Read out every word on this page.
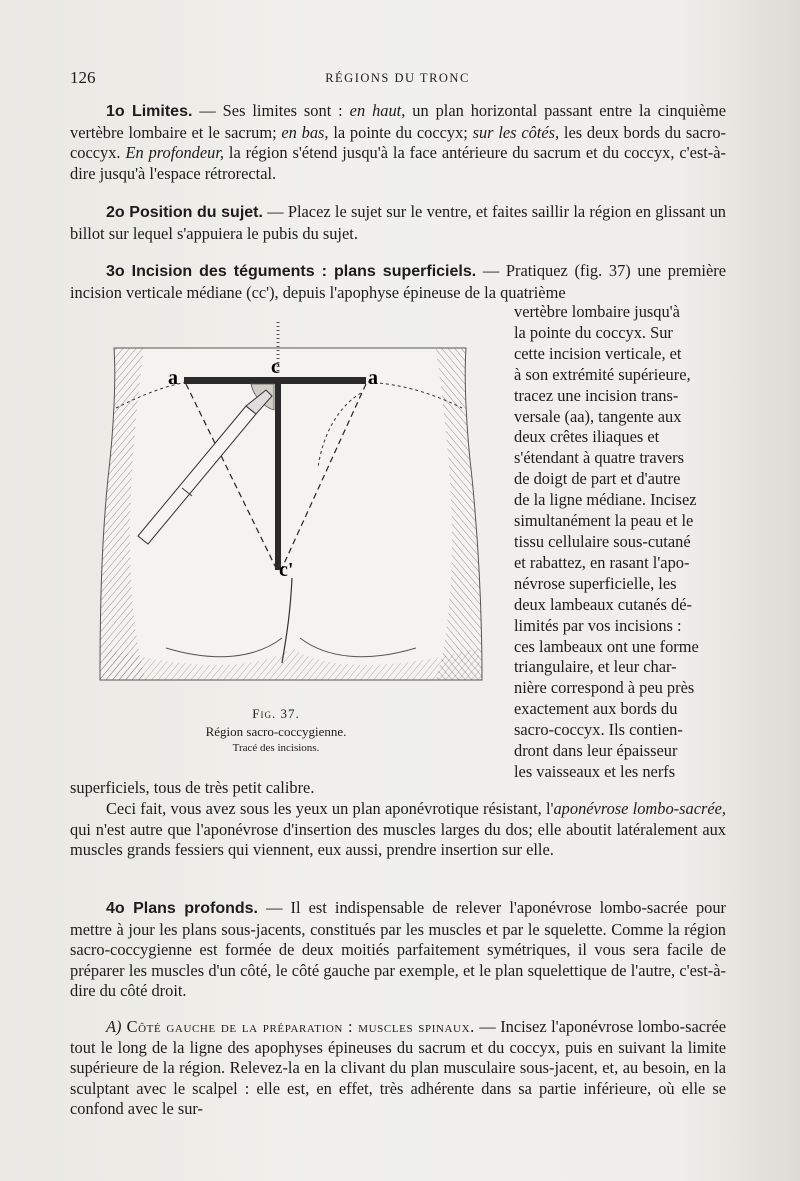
126	RÉGIONS DU TRONC

1o Limites. — Ses limites sont : en haut, un plan horizontal passant entre la cinquième vertèbre lombaire et le sacrum; en bas, la pointe du coccyx; sur les côtés, les deux bords du sacro-coccyx. En profondeur, la région s'étend jusqu'à la face antérieure du sacrum et du coccyx, c'est-à-dire jusqu'à l'espace rétrorectal.

2o Position du sujet. — Placez le sujet sur le ventre, et faites saillir la région en glissant un billot sur lequel s'appuiera le pubis du sujet.

3o Incision des téguments : plans superficiels. — Pratiquez (fig. 37) une première incision verticale médiane (cc'), depuis l'apophyse épineuse de la quatrième

vertèbre lombaire jusqu'à
la pointe du coccyx. Sur
cette incision verticale, et
à son extrémité supérieure,
tracez une incision trans-
versale (aa), tangente aux
deux crêtes iliaques et
s'étendant à quatre travers
de doigt de part et d'autre
de la ligne médiane. Incisez
simultanément la peau et le
tissu cellulaire sous-cutané
et rabattez, en rasant l'apo-
névrose superficielle, les
deux lambeaux cutanés dé-
limités par vos incisions :
ces lambeaux ont une forme
triangulaire, et leur char-
nière correspond à peu près
exactement aux bords du
sacro-coccyx. Ils contien-
dront dans leur épaisseur
les vaisseaux et les nerfs
a	a
c
c'
Fig. 37.
Région sacro-coccygienne.
Tracé des incisions.

superficiels, tous de très petit calibre.

Ceci fait, vous avez sous les yeux un plan aponévrotique résistant, l'aponévrose lombo-sacrée, qui n'est autre que l'aponévrose d'insertion des muscles larges du dos; elle aboutit latéralement aux muscles grands fessiers qui viennent, eux aussi, prendre insertion sur elle.

4o Plans profonds. — Il est indispensable de relever l'aponévrose lombo-sacrée pour mettre à jour les plans sous-jacents, constitués par les muscles et par le squelette. Comme la région sacro-coccygienne est formée de deux moitiés parfaitement symétriques, il vous sera facile de préparer les muscles d'un côté, le côté gauche par exemple, et le plan squelettique de l'autre, c'est-à-dire du côté droit.

A) Côté gauche de la préparation : muscles spinaux. — Incisez l'aponévrose lombo-sacrée tout le long de la ligne des apophyses épineuses du sacrum et du coccyx, puis en suivant la limite supérieure de la région. Relevez-la en la clivant du plan musculaire sous-jacent, et, au besoin, en la sculptant avec le scalpel : elle est, en effet, très adhérente dans sa partie inférieure, où elle se confond avec le sur-
